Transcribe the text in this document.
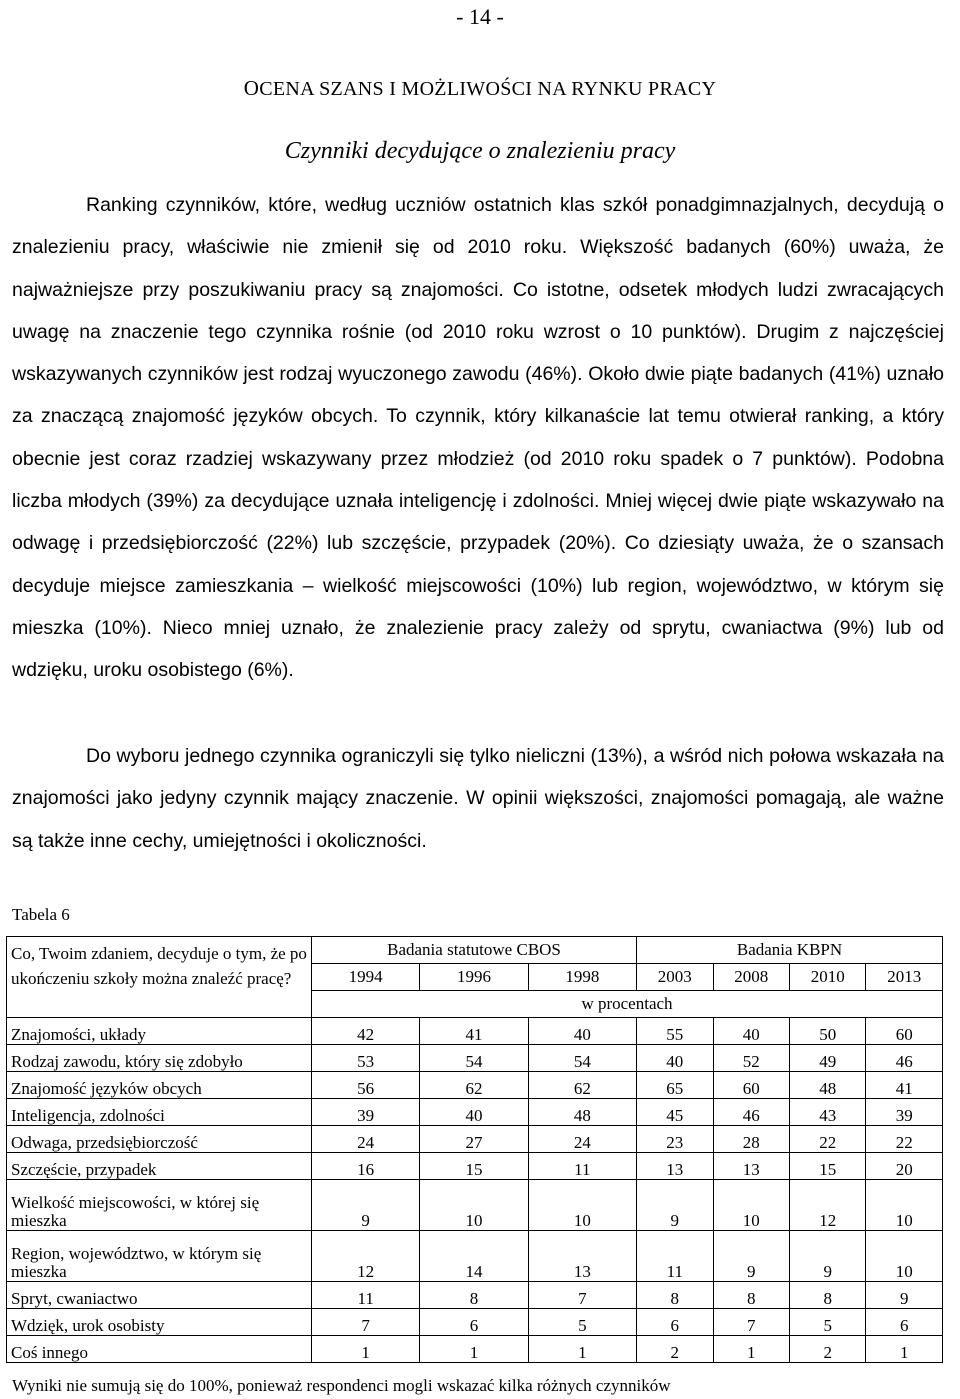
- 14 -
OCENA SZANS I MOŻLIWOŚCI NA RYNKU PRACY
Czynniki decydujące o znalezieniu pracy

Ranking czynników, które, według uczniów ostatnich klas szkół ponadgimnazjalnych, decydują o znalezieniu pracy, właściwie nie zmienił się od 2010 roku. Większość badanych (60%) uważa, że najważniejsze przy poszukiwaniu pracy są znajomości. Co istotne, odsetek młodych ludzi zwracających uwagę na znaczenie tego czynnika rośnie (od 2010 roku wzrost o 10 punktów). Drugim z najczęściej wskazywanych czynników jest rodzaj wyuczonego zawodu (46%). Około dwie piąte badanych (41%) uznało za znaczącą znajomość języków obcych. To czynnik, który kilkanaście lat temu otwierał ranking, a który obecnie jest coraz rzadziej wskazywany przez młodzież (od 2010 roku spadek o 7 punktów). Podobna liczba młodych (39%) za decydujące uznała inteligencję i zdolności. Mniej więcej dwie piąte wskazywało na odwagę i przedsiębiorczość (22%) lub szczęście, przypadek (20%). Co dziesiąty uważa, że o szansach decyduje miejsce zamieszkania – wielkość miejscowości (10%) lub region, województwo, w którym się mieszka (10%). Nieco mniej uznało, że znalezienie pracy zależy od sprytu, cwaniactwa (9%) lub od wdzięku, uroku osobistego (6%).

Do wyboru jednego czynnika ograniczyli się tylko nieliczni (13%), a wśród nich połowa wskazała na znajomości jako jedyny czynnik mający znaczenie. W opinii większości, znajomości pomagają, ale ważne są także inne cechy, umiejętności i okoliczności.

Tabela 6
Co, Twoim zdaniem, decyduje o tym, że po ukończeniu szkoły można znaleźć pracę?	Badania statutowe CBOS			Badania KBPN			
	1994	1996	1998	2003	2008	2010	2013
	w procentach						
Znajomości, układy	42	41	40	55	40	50	60
Rodzaj zawodu, który się zdobyło	53	54	54	40	52	49	46
Znajomość języków obcych	56	62	62	65	60	48	41
Inteligencja, zdolności	39	40	48	45	46	43	39
Odwaga, przedsiębiorczość	24	27	24	23	28	22	22
Szczęście, przypadek	16	15	11	13	13	15	20
Wielkość miejscowości, w której się mieszka	9	10	10	9	10	12	10
Region, województwo, w którym się mieszka	12	14	13	11	9	9	10
Spryt, cwaniactwo	11	8	7	8	8	8	9
Wdzięk, urok osobisty	7	6	5	6	7	5	6
Coś innego	1	1	1	2	1	2	1
Wyniki nie sumują się do 100%, ponieważ respondenci mogli wskazać kilka różnych czynników
